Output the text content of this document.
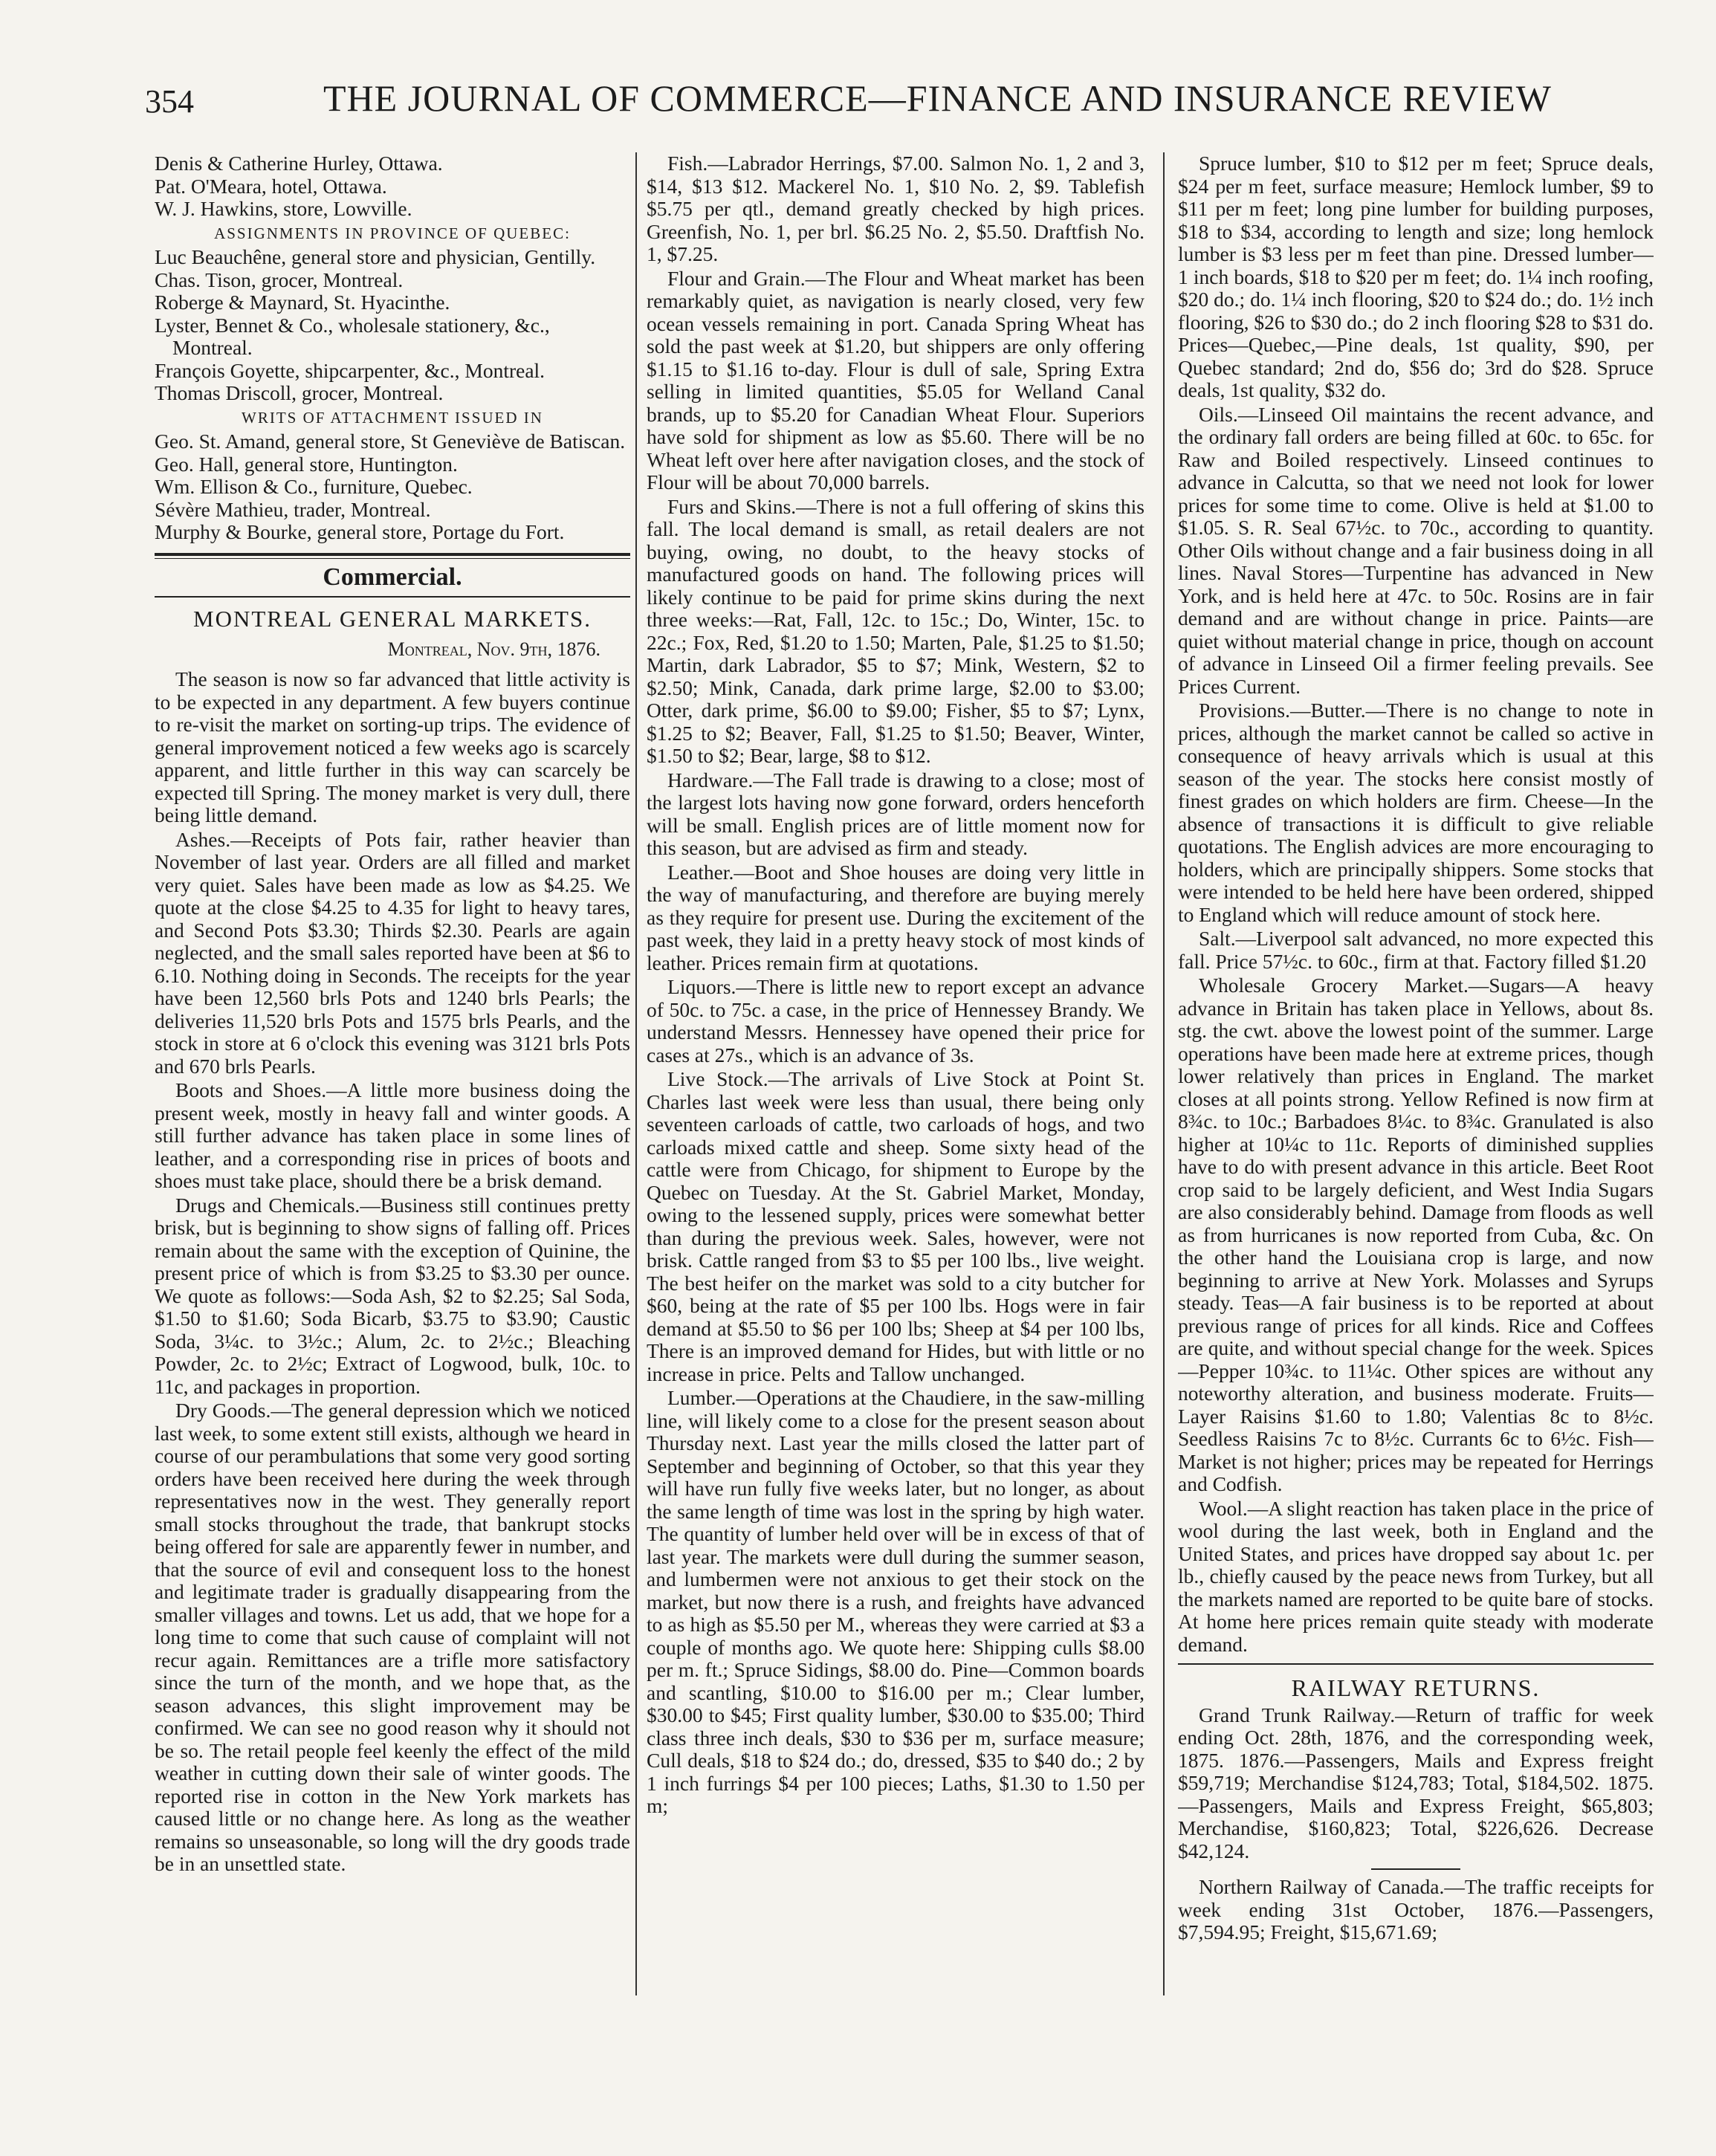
354	THE JOURNAL OF COMMERCE—FINANCE AND INSURANCE REVIEW
Denis & Catherine Hurley, Ottawa.
Pat. O'Meara, hotel, Ottawa.
W. J. Hawkins, store, Lowville.
ASSIGNMENTS IN PROVINCE OF QUEBEC:
Luc Beauchêne, general store and physician, Gentilly.
Chas. Tison, grocer, Montreal.
Roberge & Maynard, St. Hyacinthe.
Lyster, Bennet & Co., wholesale stationery, &c., Montreal.
François Goyette, shipcarpenter, &c., Montreal.
Thomas Driscoll, grocer, Montreal.
WRITS OF ATTACHMENT ISSUED IN
Geo. St. Amand, general store, St Geneviève de Batiscan.
Geo. Hall, general store, Huntington.
Wm. Ellison & Co., furniture, Quebec.
Sévère Mathieu, trader, Montreal.
Murphy & Bourke, general store, Portage du Fort.
Commercial.
MONTREAL GENERAL MARKETS.
Montreal, Nov. 9th, 1876.

The season is now so far advanced that little activity is to be expected in any department. A few buyers continue to re-visit the market on sorting-up trips. The evidence of general improvement noticed a few weeks ago is scarcely apparent, and little further in this way can scarcely be expected till Spring. The money market is very dull, there being little demand.

Ashes.—Receipts of Pots fair, rather heavier than November of last year. Orders are all filled and market very quiet. Sales have been made as low as $4.25. We quote at the close $4.25 to 4.35 for light to heavy tares, and Second Pots $3.30; Thirds $2.30. Pearls are again neglected, and the small sales reported have been at $6 to 6.10. Nothing doing in Seconds. The receipts for the year have been 12,560 brls Pots and 1240 brls Pearls; the deliveries 11,520 brls Pots and 1575 brls Pearls, and the stock in store at 6 o'clock this evening was 3121 brls Pots and 670 brls Pearls.

Boots and Shoes.—A little more business doing the present week, mostly in heavy fall and winter goods. A still further advance has taken place in some lines of leather, and a corresponding rise in prices of boots and shoes must take place, should there be a brisk demand.

Drugs and Chemicals.—Business still continues pretty brisk, but is beginning to show signs of falling off. Prices remain about the same with the exception of Quinine, the present price of which is from $3.25 to $3.30 per ounce. We quote as follows:—Soda Ash, $2 to $2.25; Sal Soda, $1.50 to $1.60; Soda Bicarb, $3.75 to $3.90; Caustic Soda, 3¼c. to 3½c.; Alum, 2c. to 2½c.; Bleaching Powder, 2c. to 2½c; Extract of Logwood, bulk, 10c. to 11c, and packages in proportion.

Dry Goods.—The general depression which we noticed last week, to some extent still exists, although we heard in course of our perambulations that some very good sorting orders have been received here during the week through representatives now in the west. They generally report small stocks throughout the trade, that bankrupt stocks being offered for sale are apparently fewer in number, and that the source of evil and consequent loss to the honest and legitimate trader is gradually disappearing from the smaller villages and towns. Let us add, that we hope for a long time to come that such cause of complaint will not recur again. Remittances are a trifle more satisfactory since the turn of the month, and we hope that, as the season advances, this slight improvement may be confirmed. We can see no good reason why it should not be so. The retail people feel keenly the effect of the mild weather in cutting down their sale of winter goods. The reported rise in cotton in the New York markets has caused little or no change here. As long as the weather remains so unseasonable, so long will the dry goods trade be in an unsettled state.

Fish.—Labrador Herrings, $7.00. Salmon No. 1, 2 and 3, $14, $13 $12. Mackerel No. 1, $10 No. 2, $9. Tablefish $5.75 per qtl., demand greatly checked by high prices. Greenfish, No. 1, per brl. $6.25 No. 2, $5.50. Draftfish No. 1, $7.25.

Flour and Grain.—The Flour and Wheat market has been remarkably quiet, as navigation is nearly closed, very few ocean vessels remaining in port. Canada Spring Wheat has sold the past week at $1.20, but shippers are only offering $1.15 to $1.16 to-day. Flour is dull of sale, Spring Extra selling in limited quantities, $5.05 for Welland Canal brands, up to $5.20 for Canadian Wheat Flour. Superiors have sold for shipment as low as $5.60. There will be no Wheat left over here after navigation closes, and the stock of Flour will be about 70,000 barrels.

Furs and Skins.—There is not a full offering of skins this fall. The local demand is small, as retail dealers are not buying, owing, no doubt, to the heavy stocks of manufactured goods on hand. The following prices will likely continue to be paid for prime skins during the next three weeks:—Rat, Fall, 12c. to 15c.; Do, Winter, 15c. to 22c.; Fox, Red, $1.20 to 1.50; Marten, Pale, $1.25 to $1.50; Martin, dark Labrador, $5 to $7; Mink, Western, $2 to $2.50; Mink, Canada, dark prime large, $2.00 to $3.00; Otter, dark prime, $6.00 to $9.00; Fisher, $5 to $7; Lynx, $1.25 to $2; Beaver, Fall, $1.25 to $1.50; Beaver, Winter, $1.50 to $2; Bear, large, $8 to $12.

Hardware.—The Fall trade is drawing to a close; most of the largest lots having now gone forward, orders henceforth will be small. English prices are of little moment now for this season, but are advised as firm and steady.

Leather.—Boot and Shoe houses are doing very little in the way of manufacturing, and therefore are buying merely as they require for present use. During the excitement of the past week, they laid in a pretty heavy stock of most kinds of leather. Prices remain firm at quotations.

Liquors.—There is little new to report except an advance of 50c. to 75c. a case, in the price of Hennessey Brandy. We understand Messrs. Hennessey have opened their price for cases at 27s., which is an advance of 3s.

Live Stock.—The arrivals of Live Stock at Point St. Charles last week were less than usual, there being only seventeen carloads of cattle, two carloads of hogs, and two carloads mixed cattle and sheep. Some sixty head of the cattle were from Chicago, for shipment to Europe by the Quebec on Tuesday. At the St. Gabriel Market, Monday, owing to the lessened supply, prices were somewhat better than during the previous week. Sales, however, were not brisk. Cattle ranged from $3 to $5 per 100 lbs., live weight. The best heifer on the market was sold to a city butcher for $60, being at the rate of $5 per 100 lbs. Hogs were in fair demand at $5.50 to $6 per 100 lbs; Sheep at $4 per 100 lbs, There is an improved demand for Hides, but with little or no increase in price. Pelts and Tallow unchanged.

Lumber.—Operations at the Chaudiere, in the saw-milling line, will likely come to a close for the present season about Thursday next. Last year the mills closed the latter part of September and beginning of October, so that this year they will have run fully five weeks later, but no longer, as about the same length of time was lost in the spring by high water. The quantity of lumber held over will be in excess of that of last year. The markets were dull during the summer season, and lumbermen were not anxious to get their stock on the market, but now there is a rush, and freights have advanced to as high as $5.50 per M., whereas they were carried at $3 a couple of months ago. We quote here: Shipping culls $8.00 per m. ft.; Spruce Sidings, $8.00 do. Pine—Common boards and scantling, $10.00 to $16.00 per m.; Clear lumber, $30.00 to $45; First quality lumber, $30.00 to $35.00; Third class three inch deals, $30 to $36 per m, surface measure; Cull deals, $18 to $24 do.; do, dressed, $35 to $40 do.; 2 by 1 inch furrings $4 per 100 pieces; Laths, $1.30 to 1.50 per m;

Spruce lumber, $10 to $12 per m feet; Spruce deals, $24 per m feet, surface measure; Hemlock lumber, $9 to $11 per m feet; long pine lumber for building purposes, $18 to $34, according to length and size; long hemlock lumber is $3 less per m feet than pine. Dressed lumber—1 inch boards, $18 to $20 per m feet; do. 1¼ inch roofing, $20 do.; do. 1¼ inch flooring, $20 to $24 do.; do. 1½ inch flooring, $26 to $30 do.; do 2 inch flooring $28 to $31 do. Prices—Quebec,—Pine deals, 1st quality, $90, per Quebec standard; 2nd do, $56 do; 3rd do $28. Spruce deals, 1st quality, $32 do.

Oils.—Linseed Oil maintains the recent advance, and the ordinary fall orders are being filled at 60c. to 65c. for Raw and Boiled respectively. Linseed continues to advance in Calcutta, so that we need not look for lower prices for some time to come. Olive is held at $1.00 to $1.05. S. R. Seal 67½c. to 70c., according to quantity. Other Oils without change and a fair business doing in all lines. Naval Stores—Turpentine has advanced in New York, and is held here at 47c. to 50c. Rosins are in fair demand and are without change in price. Paints—are quiet without material change in price, though on account of advance in Linseed Oil a firmer feeling prevails. See Prices Current.

Provisions.—Butter.—There is no change to note in prices, although the market cannot be called so active in consequence of heavy arrivals which is usual at this season of the year. The stocks here consist mostly of finest grades on which holders are firm. Cheese—In the absence of transactions it is difficult to give reliable quotations. The English advices are more encouraging to holders, which are principally shippers. Some stocks that were intended to be held here have been ordered, shipped to England which will reduce amount of stock here.

Salt.—Liverpool salt advanced, no more expected this fall. Price 57½c. to 60c., firm at that. Factory filled $1.20

Wholesale Grocery Market.—Sugars—A heavy advance in Britain has taken place in Yellows, about 8s. stg. the cwt. above the lowest point of the summer. Large operations have been made here at extreme prices, though lower relatively than prices in England. The market closes at all points strong. Yellow Refined is now firm at 8¾c. to 10c.; Barbadoes 8¼c. to 8¾c. Granulated is also higher at 10¼c to 11c. Reports of diminished supplies have to do with present advance in this article. Beet Root crop said to be largely deficient, and West India Sugars are also considerably behind. Damage from floods as well as from hurricanes is now reported from Cuba, &c. On the other hand the Louisiana crop is large, and now beginning to arrive at New York. Molasses and Syrups steady. Teas—A fair business is to be reported at about previous range of prices for all kinds. Rice and Coffees are quite, and without special change for the week. Spices—Pepper 10¾c. to 11¼c. Other spices are without any noteworthy alteration, and business moderate. Fruits—Layer Raisins $1.60 to 1.80; Valentias 8c to 8½c. Seedless Raisins 7c to 8½c. Currants 6c to 6½c. Fish—Market is not higher; prices may be repeated for Herrings and Codfish.

Wool.—A slight reaction has taken place in the price of wool during the last week, both in England and the United States, and prices have dropped say about 1c. per lb., chiefly caused by the peace news from Turkey, but all the markets named are reported to be quite bare of stocks. At home here prices remain quite steady with moderate demand.

RAILWAY RETURNS.

Grand Trunk Railway.—Return of traffic for week ending Oct. 28th, 1876, and the corresponding week, 1875. 1876.—Passengers, Mails and Express freight $59,719; Merchandise $124,783; Total, $184,502. 1875.—Passengers, Mails and Express Freight, $65,803; Merchandise, $160,823; Total, $226,626. Decrease $42,124.

Northern Railway of Canada.—The traffic receipts for week ending 31st October, 1876.—Passengers, $7,594.95; Freight, $15,671.69;
